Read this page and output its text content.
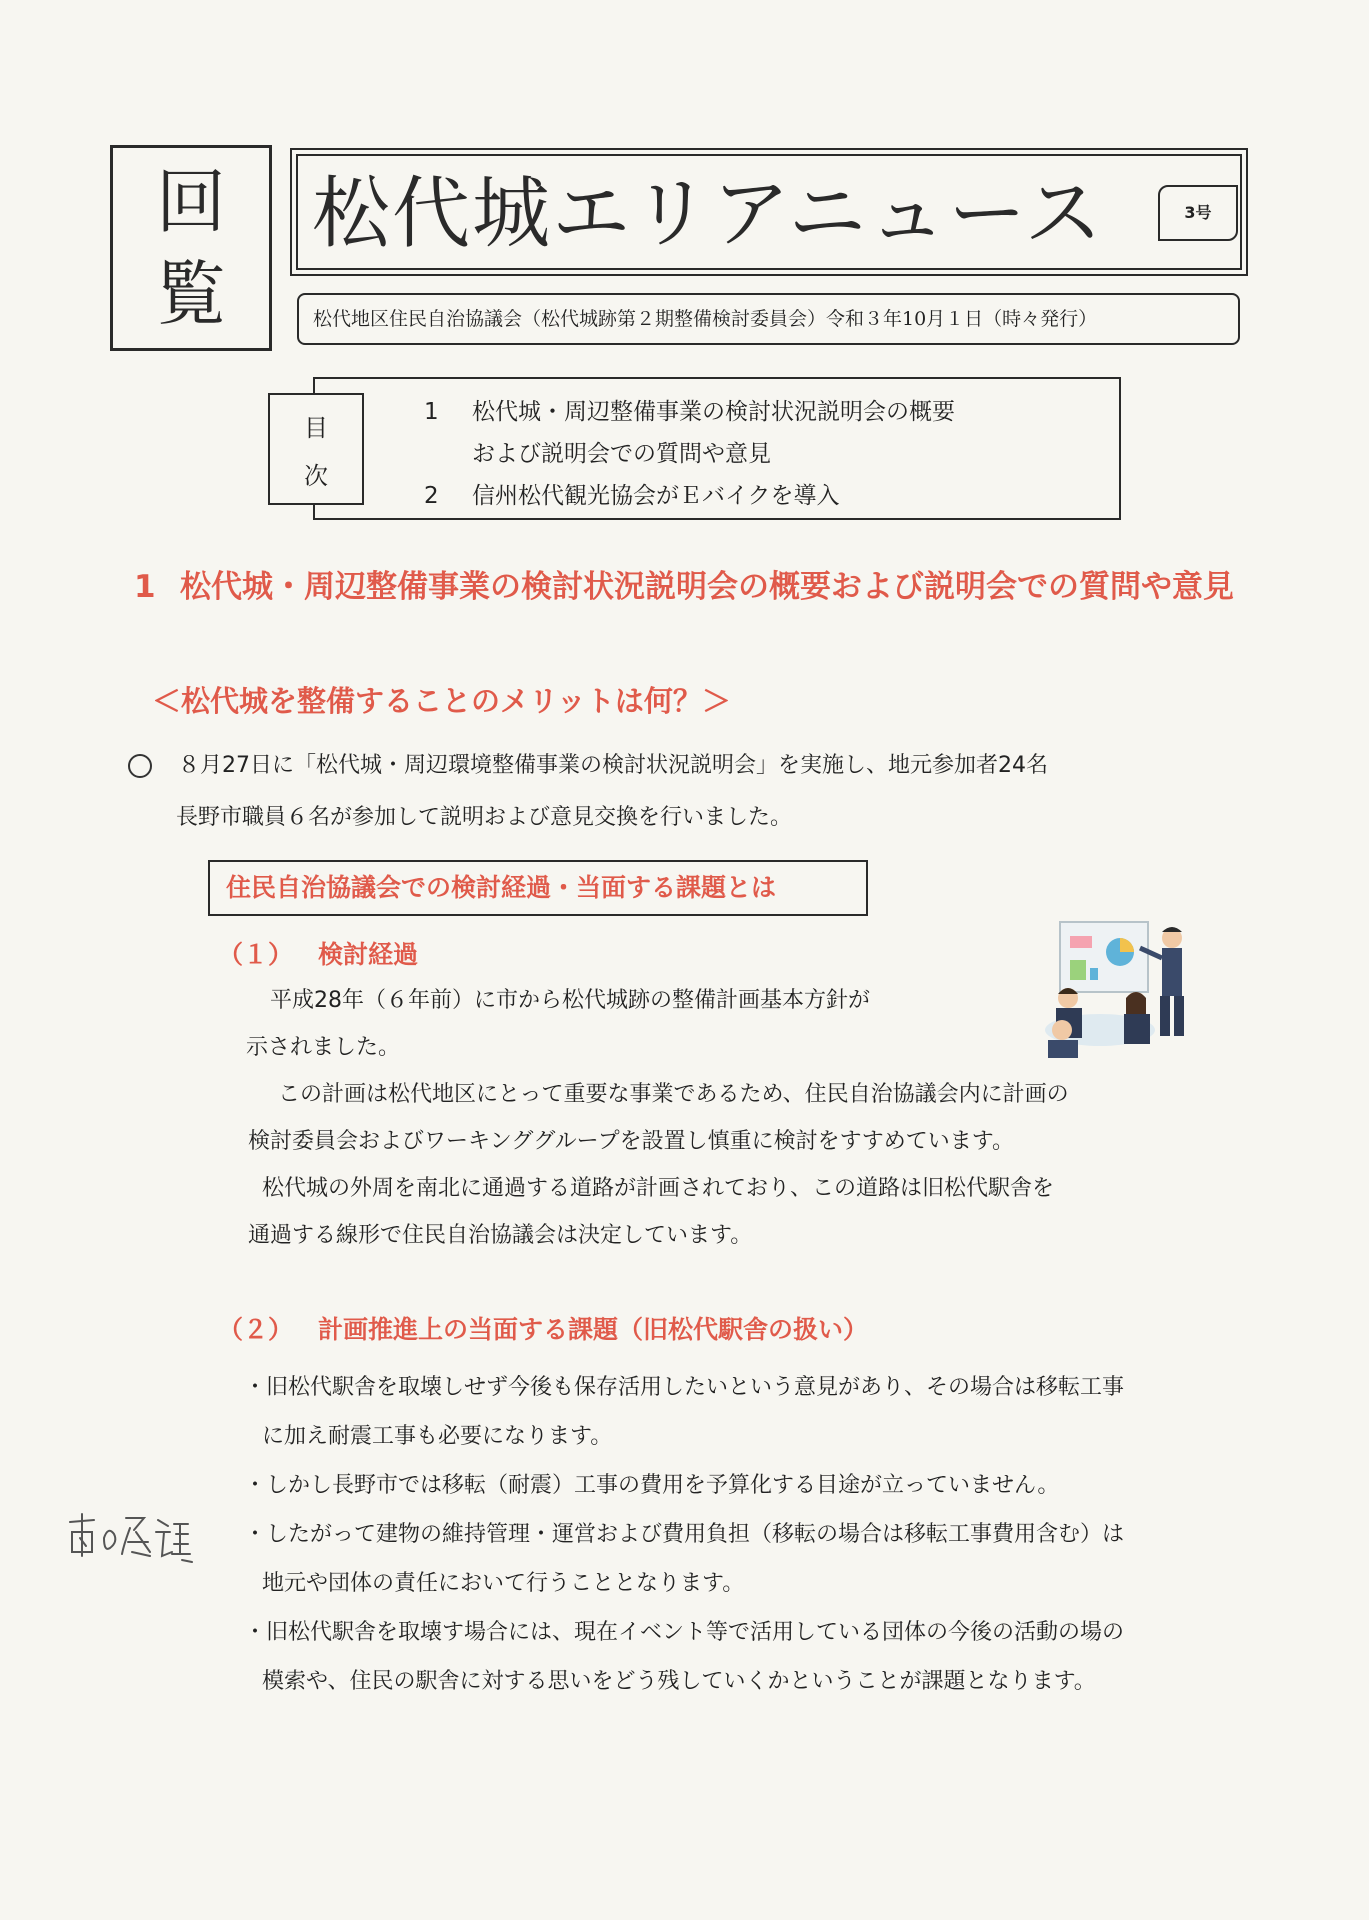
回
覧
松代城エリアニュース	3号
松代地区住民自治協議会（松代城跡第２期整備検討委員会）令和３年10月１日（時々発行）
目
次
1 松代城・周辺整備事業の検討状況説明会の概要
および説明会での質問や意見
2 信州松代観光協会がＥバイクを導入
1 松代城・周辺整備事業の検討状況説明会の概要および説明会での質問や意見
＜松代城を整備することのメリットは何？＞
８月27日に「松代城・周辺環境整備事業の検討状況説明会」を実施し、地元参加者24名
長野市職員６名が参加して説明および意見交換を行いました。
住民自治協議会での検討経過・当面する課題とは
（１） 検討経過
平成28年（６年前）に市から松代城跡の整備計画基本方針が
示されました。
この計画は松代地区にとって重要な事業であるため、住民自治協議会内に計画の
検討委員会およびワーキンググループを設置し慎重に検討をすすめています。
松代城の外周を南北に通過する道路が計画されており、この道路は旧松代駅舎を
通過する線形で住民自治協議会は決定しています。
（２） 計画推進上の当面する課題（旧松代駅舎の扱い）
・旧松代駅舎を取壊しせず今後も保存活用したいという意見があり、その場合は移転工事
に加え耐震工事も必要になります。
・しかし長野市では移転（耐震）工事の費用を予算化する目途が立っていません。
・したがって建物の維持管理・運営および費用負担（移転の場合は移転工事費用含む）は
地元や団体の責任において行うこととなります。
・旧松代駅舎を取壊す場合には、現在イベント等で活用している団体の今後の活動の場の
模索や、住民の駅舎に対する思いをどう残していくかということが課題となります。
